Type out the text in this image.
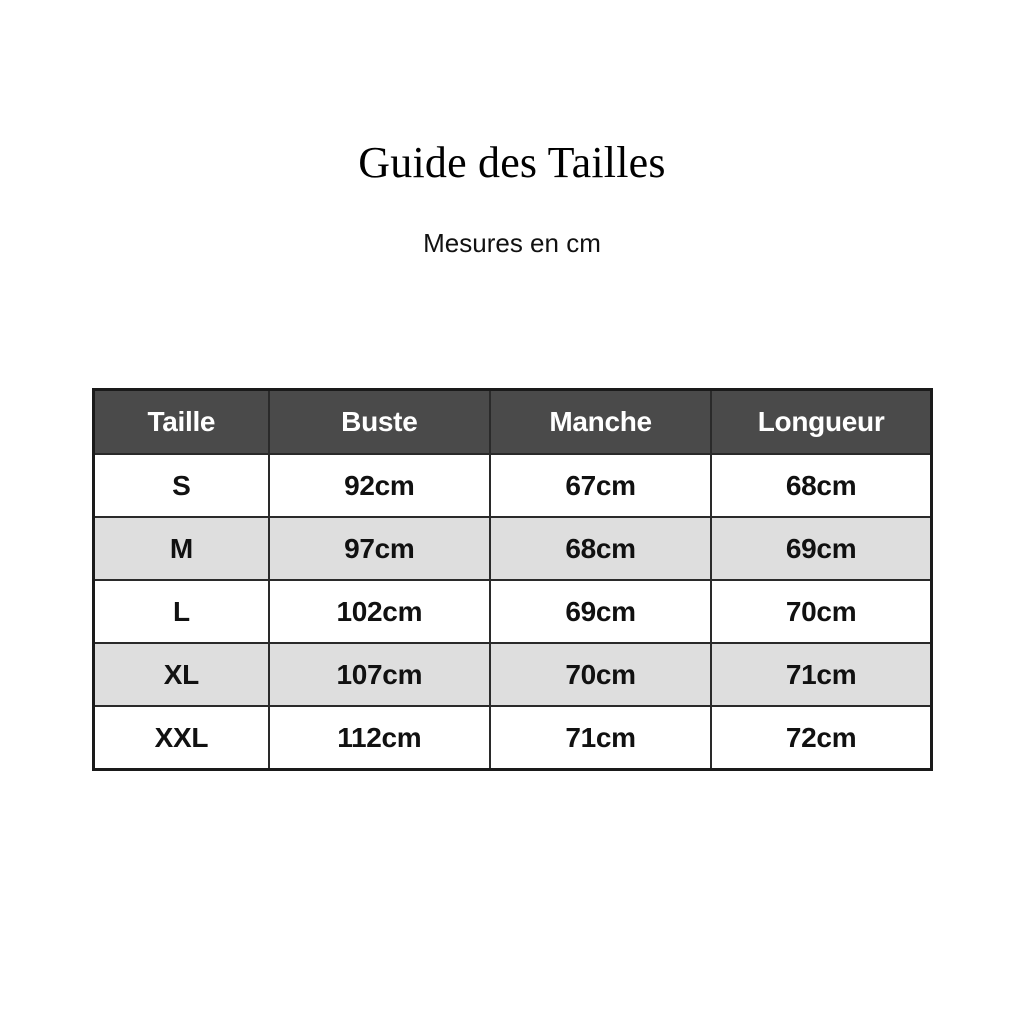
Guide des Tailles
Mesures en cm
Taille	Buste	Manche	Longueur
S	92cm	67cm	68cm
M	97cm	68cm	69cm
L	102cm	69cm	70cm
XL	107cm	70cm	71cm
XXL	112cm	71cm	72cm
